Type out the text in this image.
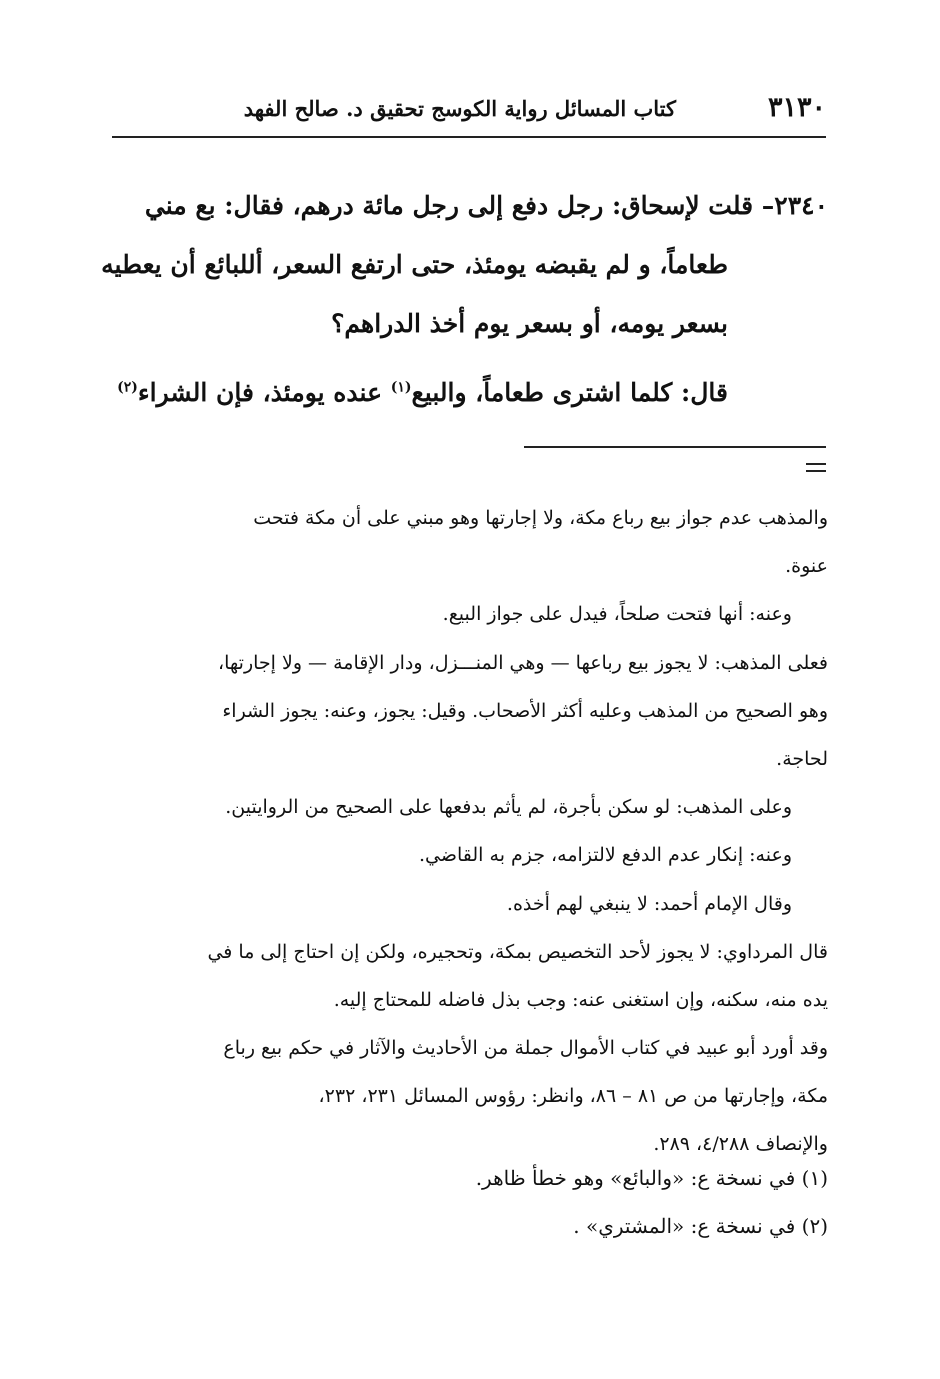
٣١٣٠
كتاب المسائل رواية الكوسج تحقيق د. صالح الفهد
٢٣٤٠– قلت لإسحاق: رجل دفع إلى رجل مائة درهم، فقال: بع مني
طعاماً، و لم يقبضه يومئذ، حتى ارتفع السعر، أللبائع أن يعطيه
بسعر يومه، أو بسعر يوم أخذ الدراهم؟
قال: كلما اشترى طعاماً، والبيع$^{(١)}$ عنده يومئذ، فإن الشراء$^{(٢)}$
والمذهب عدم جواز بيع رباع مكة، ولا إجارتها وهو مبني على أن مكة فتحت
عنوة.
وعنه: أنها فتحت صلحاً، فيدل على جواز البيع.
فعلى المذهب: لا يجوز بيع رباعها — وهي المنـــزل، ودار الإقامة — ولا إجارتها،
وهو الصحيح من المذهب وعليه أكثر الأصحاب. وقيل: يجوز، وعنه: يجوز الشراء
لحاجة.
وعلى المذهب: لو سكن بأجرة، لم يأثم بدفعها على الصحيح من الروايتين.
وعنه: إنكار عدم الدفع لالتزامه، جزم به القاضي.
وقال الإمام أحمد: لا ينبغي لهم أخذه.
قال المرداوي: لا يجوز لأحد التخصيص بمكة، وتحجيره، ولكن إن احتاج إلى ما في
يده منه، سكنه، وإن استغنى عنه: وجب بذل فاضله للمحتاج إليه.
وقد أورد أبو عبيد في كتاب الأموال جملة من الأحاديث والآثار في حكم بيع رباع
مكة، وإجارتها من ص ٨١ – ٨٦، وانظر: رؤوس المسائل ٢٣١، ٢٣٢،
والإنصاف ٤/٢٨٨، ٢٨٩.
(١) في نسخة ع: «والبائع» وهو خطأ ظاهر.
(٢) في نسخة ع: «المشتري» .
